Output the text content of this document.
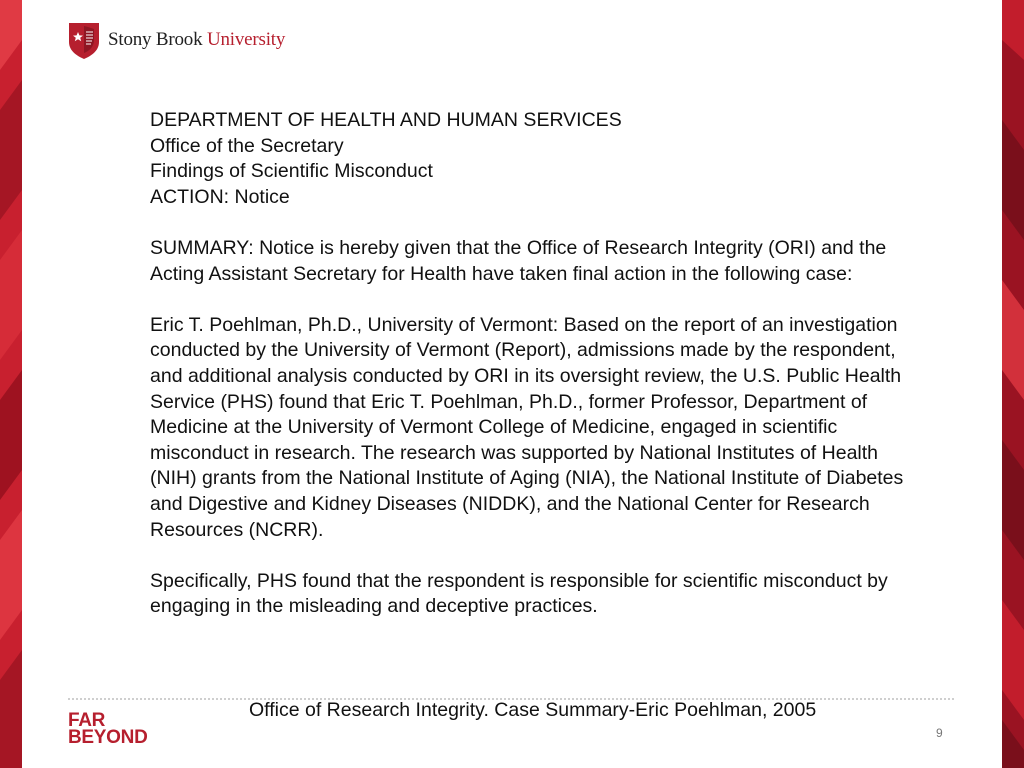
Stony Brook University

DEPARTMENT OF HEALTH AND HUMAN SERVICES

Office of the Secretary

Findings of Scientific Misconduct

ACTION: Notice

SUMMARY: Notice is hereby given that the Office of Research Integrity (ORI) and the Acting Assistant Secretary for Health have taken final action in the following case:

Eric T. Poehlman, Ph.D., University of Vermont: Based on the report of an investigation conducted by the University of Vermont (Report), admissions made by the respondent, and additional analysis conducted by ORI in its oversight review, the U.S. Public Health Service (PHS) found that Eric T. Poehlman, Ph.D., former Professor, Department of Medicine at the University of Vermont College of Medicine, engaged in scientific misconduct in research. The research was supported by National Institutes of Health (NIH) grants from the National Institute of Aging (NIA), the National Institute of Diabetes and Digestive and Kidney Diseases (NIDDK), and the National Center for Research Resources (NCRR).

Specifically, PHS found that the respondent is responsible for scientific misconduct by engaging in the misleading and deceptive practices.

Office of Research Integrity. Case Summary-Eric Poehlman, 2005
FAR
BEYOND	9
